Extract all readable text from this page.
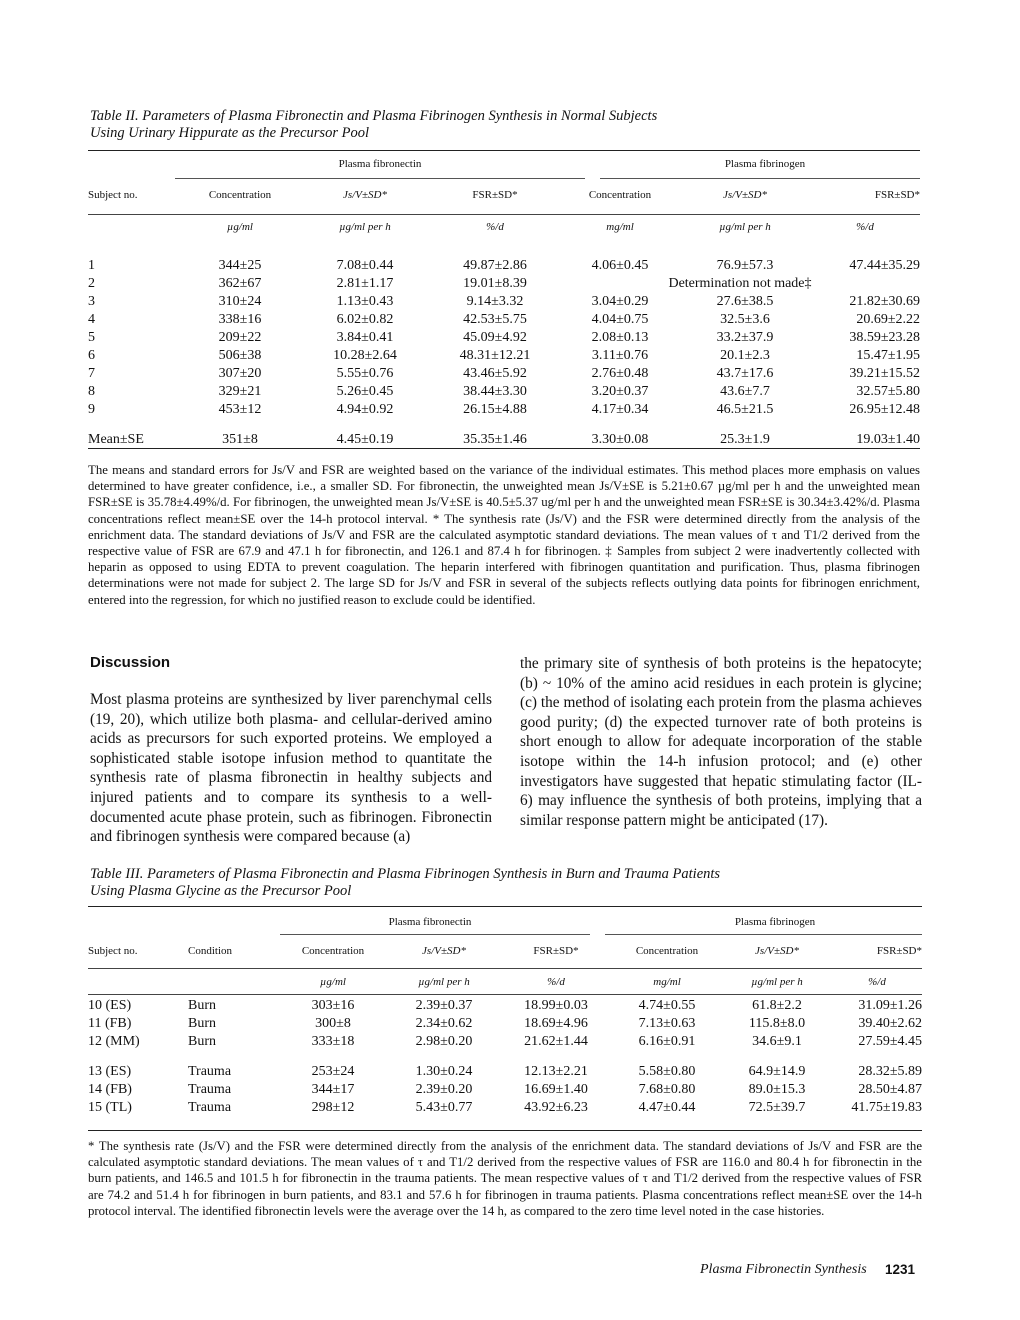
Table II. Parameters of Plasma Fibronectin and Plasma Fibrinogen Synthesis in Normal Subjects
Using Urinary Hippurate as the Precursor Pool
Plasma fibronectin	Plasma fibrinogen
Subject no.	Concentration	Js/V±SD*	FSR±SD*	Concentration	Js/V±SD*	FSR±SD*

	µg/ml	µg/ml per h	%/d	mg/ml	µg/ml per h	%/d

1	344±25	7.08±0.44	49.87±2.86	4.06±0.45	76.9±57.3	47.44±35.29
2	362±67	2.81±1.17	19.01±8.39	Determination not made‡		
3	310±24	1.13±0.43	9.14±3.32	3.04±0.29	27.6±38.5	21.82±30.69
4	338±16	6.02±0.82	42.53±5.75	4.04±0.75	32.5±3.6	20.69±2.22
5	209±22	3.84±0.41	45.09±4.92	2.08±0.13	33.2±37.9	38.59±23.28
6	506±38	10.28±2.64	48.31±12.21	3.11±0.76	20.1±2.3	15.47±1.95
7	307±20	5.55±0.76	43.46±5.92	2.76±0.48	43.7±17.6	39.21±15.52
8	329±21	5.26±0.45	38.44±3.30	3.20±0.37	43.6±7.7	32.57±5.80
9	453±12	4.94±0.92	26.15±4.88	4.17±0.34	46.5±21.5	26.95±12.48

Mean±SE	351±8	4.45±0.19	35.35±1.46	3.30±0.08	25.3±1.9	19.03±1.40

The means and standard errors for Js/V and FSR are weighted based on the variance of the individual estimates. This method places more emphasis on values determined to have greater confidence, i.e., a smaller SD. For fibronectin, the unweighted mean Js/V±SE is 5.21±0.67 µg/ml per h and the unweighted mean FSR±SE is 35.78±4.49%/d. For fibrinogen, the unweighted mean Js/V±SE is 40.5±5.37 ug/ml per h and the unweighted mean FSR±SE is 30.34±3.42%/d. Plasma concentrations reflect mean±SE over the 14-h protocol interval. * The synthesis rate (Js/V) and the FSR were determined directly from the analysis of the enrichment data. The standard deviations of Js/V and FSR are the calculated asymptotic standard deviations. The mean values of τ and T1/2 derived from the respective value of FSR are 67.9 and 47.1 h for fibronectin, and 126.1 and 87.4 h for fibrinogen. ‡ Samples from subject 2 were inadvertently collected with heparin as opposed to using EDTA to prevent coagulation. The heparin interfered with fibrinogen quantitation and purification. Thus, plasma fibrinogen determinations were not made for subject 2. The large SD for Js/V and FSR in several of the subjects reflects outlying data points for fibrinogen enrichment, entered into the regression, for which no justified reason to exclude could be identified.

Discussion

Most plasma proteins are synthesized by liver parenchymal cells (19, 20), which utilize both plasma- and cellular-derived amino acids as precursors for such exported proteins. We employed a sophisticated stable isotope infusion method to quantitate the synthesis rate of plasma fibronectin in healthy subjects and injured patients and to compare its synthesis to a well-documented acute phase protein, such as fibrinogen. Fibronectin and fibrinogen synthesis were compared because (a)

the primary site of synthesis of both proteins is the hepatocyte; (b) ~ 10% of the amino acid residues in each protein is glycine; (c) the method of isolating each protein from the plasma achieves good purity; (d) the expected turnover rate of both proteins is short enough to allow for adequate incorporation of the stable isotope within the 14-h infusion protocol; and (e) other investigators have suggested that hepatic stimulating factor (IL-6) may influence the synthesis of both proteins, implying that a similar response pattern might be anticipated (17).

Table III. Parameters of Plasma Fibronectin and Plasma Fibrinogen Synthesis in Burn and Trauma Patients
Using Plasma Glycine as the Precursor Pool
Plasma fibronectin	Plasma fibrinogen
Subject no.	Condition	Concentration	Js/V±SD*	FSR±SD*	Concentration	Js/V±SD*	FSR±SD*

		µg/ml	µg/ml per h	%/d	mg/ml	µg/ml per h	%/d

10 (ES)	Burn	303±16	2.39±0.37	18.99±0.03	4.74±0.55	61.8±2.2	31.09±1.26
11 (FB)	Burn	300±8	2.34±0.62	18.69±4.96	7.13±0.63	115.8±8.0	39.40±2.62
12 (MM)	Burn	333±18	2.98±0.20	21.62±1.44	6.16±0.91	34.6±9.1	27.59±4.45

13 (ES)	Trauma	253±24	1.30±0.24	12.13±2.21	5.58±0.80	64.9±14.9	28.32±5.89
14 (FB)	Trauma	344±17	2.39±0.20	16.69±1.40	7.68±0.80	89.0±15.3	28.50±4.87
15 (TL)	Trauma	298±12	5.43±0.77	43.92±6.23	4.47±0.44	72.5±39.7	41.75±19.83

* The synthesis rate (Js/V) and the FSR were determined directly from the analysis of the enrichment data. The standard deviations of Js/V and FSR are the calculated asymptotic standard deviations. The mean values of τ and T1/2 derived from the respective values of FSR are 116.0 and 80.4 h for fibronectin in the burn patients, and 146.5 and 101.5 h for fibronectin in the trauma patients. The mean respective values of τ and T1/2 derived from the respective values of FSR are 74.2 and 51.4 h for fibrinogen in burn patients, and 83.1 and 57.6 h for fibrinogen in trauma patients. Plasma concentrations reflect mean±SE over the 14-h protocol interval. The identified fibronectin levels were the average over the 14 h, as compared to the zero time level noted in the case histories.

Plasma Fibronectin Synthesis 1231
